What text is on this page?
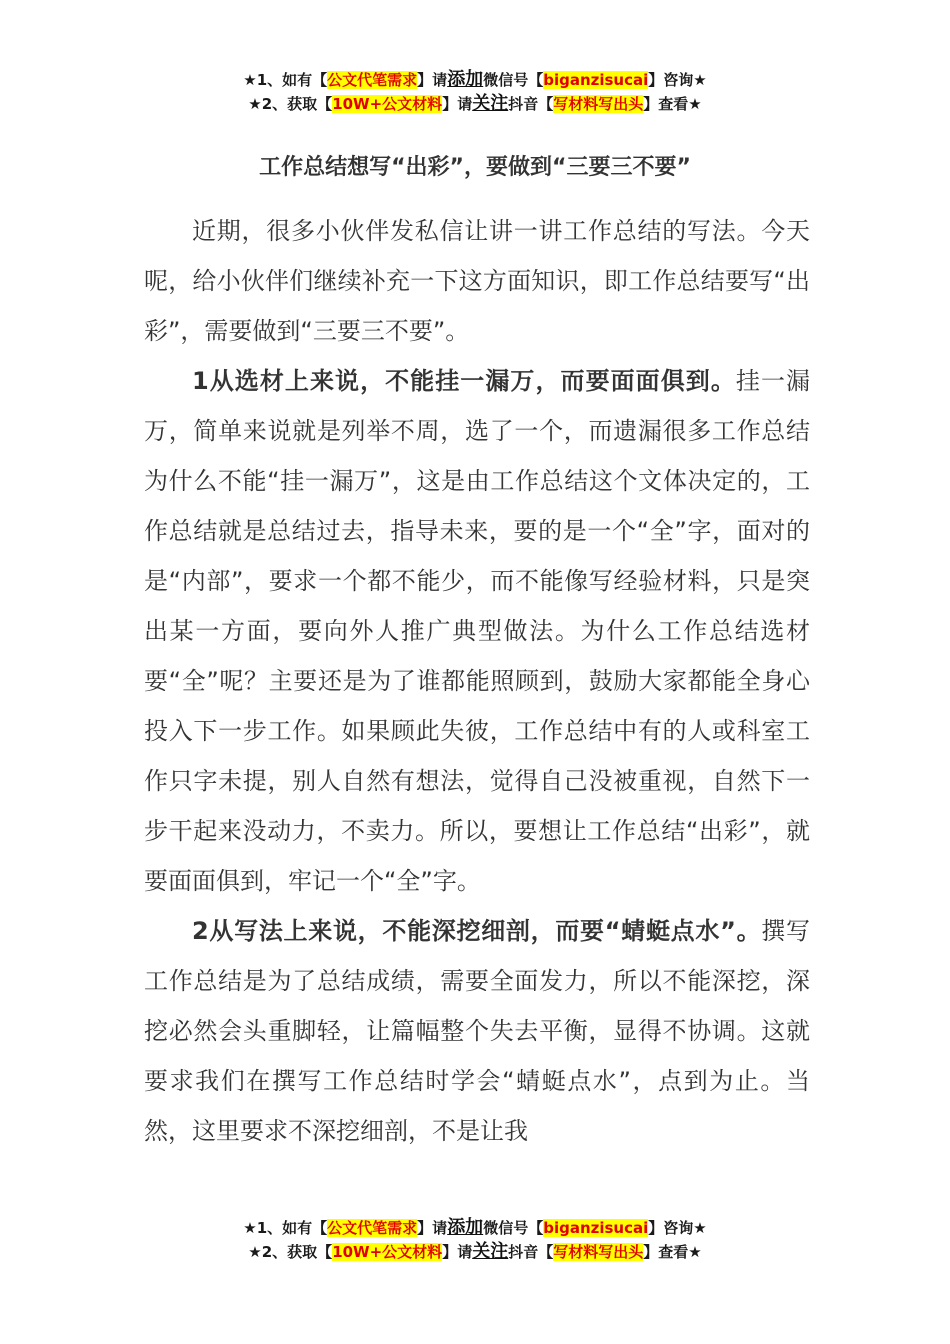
★1、如有【公文代笔需求】请添加微信号【biganzisucai】咨询★
★2、获取【10W+公文材料】请关注抖音【写材料写出头】查看★
工作总结想写“出彩”，要做到“三要三不要”

近期，很多小伙伴发私信让讲一讲工作总结的写法。今天呢，给小伙伴们继续补充一下这方面知识，即工作总结要写“出彩”，需要做到“三要三不要”。

1从选材上来说，不能挂一漏万，而要面面俱到。挂一漏万，简单来说就是列举不周，选了一个，而遗漏很多工作总结为什么不能“挂一漏万”，这是由工作总结这个文体决定的，工作总结就是总结过去，指导未来，要的是一个“全”字，面对的是“内部”，要求一个都不能少，而不能像写经验材料，只是突出某一方面，要向外人推广典型做法。为什么工作总结选材要“全”呢？主要还是为了谁都能照顾到，鼓励大家都能全身心投入下一步工作。如果顾此失彼，工作总结中有的人或科室工作只字未提，别人自然有想法，觉得自己没被重视，自然下一步干起来没动力，不卖力。所以，要想让工作总结“出彩”，就要面面俱到，牢记一个“全”字。

2从写法上来说，不能深挖细剖，而要“蜻蜓点水”。撰写工作总结是为了总结成绩，需要全面发力，所以不能深挖，深挖必然会头重脚轻，让篇幅整个失去平衡，显得不协调。这就要求我们在撰写工作总结时学会“蜻蜓点水”，点到为止。当然，这里要求不深挖细剖，不是让我

★1、如有【公文代笔需求】请添加微信号【biganzisucai】咨询★
★2、获取【10W+公文材料】请关注抖音【写材料写出头】查看★
